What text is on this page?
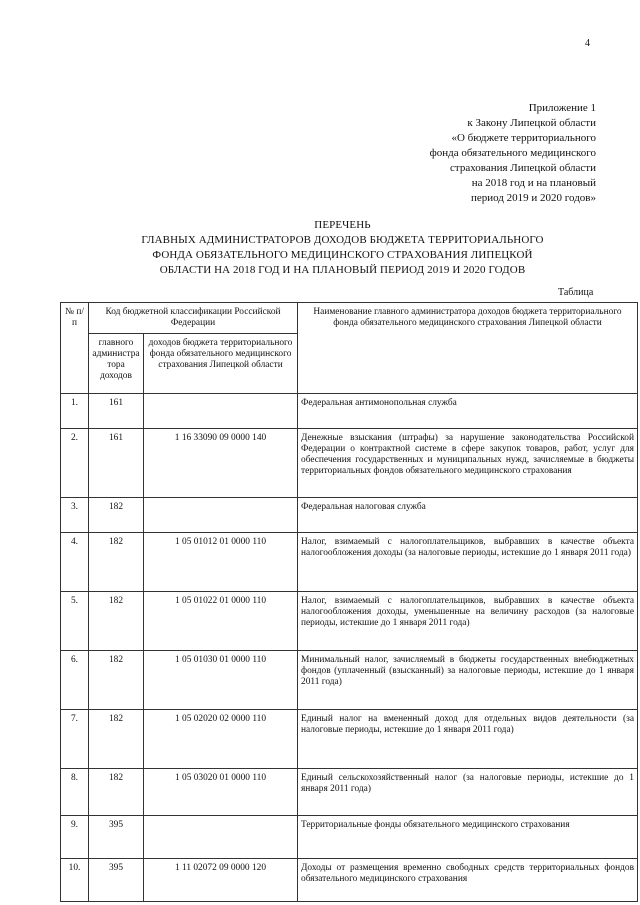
4
Приложение 1
к Закону Липецкой области
«О бюджете территориального
фонда обязательного медицинского
страхования Липецкой области
на 2018 год и на плановый
период 2019 и 2020 годов»
ПЕРЕЧЕНЬ
ГЛАВНЫХ АДМИНИСТРАТОРОВ ДОХОДОВ БЮДЖЕТА ТЕРРИТОРИАЛЬНОГО
ФОНДА ОБЯЗАТЕЛЬНОГО МЕДИЦИНСКОГО СТРАХОВАНИЯ ЛИПЕЦКОЙ
ОБЛАСТИ НА 2018 ГОД И НА ПЛАНОВЫЙ ПЕРИОД 2019 И 2020 ГОДОВ
Таблица
№ п/п	Код бюджетной классификации Российской Федерации		Наименование главного администратора доходов бюджета территориального фонда обязательного медицинского страхования Липецкой области
	главного администра тора доходов	доходов бюджета территориального фонда обязательного медицинского страхования Липецкой области	
1.	161		Федеральная антимонопольная служба
2.	161	1 16 33090 09 0000 140	Денежные взыскания (штрафы) за нарушение законодательства Российской Федерации о контрактной системе в сфере закупок товаров, работ, услуг для обеспечения государственных и муниципальных нужд, зачисляемые в бюджеты территориальных фондов обязательного медицинского страхования
3.	182		Федеральная налоговая служба
4.	182	1 05 01012 01 0000 110	Налог, взимаемый с налогоплательщиков, выбравших в качестве объекта налогообложения доходы (за налоговые периоды, истекшие до 1 января 2011 года)
5.	182	1 05 01022 01 0000 110	Налог, взимаемый с налогоплательщиков, выбравших в качестве объекта налогообложения доходы, уменьшенные на величину расходов (за налоговые периоды, истекшие до 1 января 2011 года)
6.	182	1 05 01030 01 0000 110	Минимальный налог, зачисляемый в бюджеты государственных внебюджетных фондов (уплаченный (взысканный) за налоговые периоды, истекшие до 1 января 2011 года)
7.	182	1 05 02020 02 0000 110	Единый налог на вмененный доход для отдельных видов деятельности (за налоговые периоды, истекшие до 1 января 2011 года)
8.	182	1 05 03020 01 0000 110	Единый сельскохозяйственный налог (за налоговые периоды, истекшие до 1 января 2011 года)
9.	395		Территориальные фонды обязательного медицинского страхования
10.	395	1 11 02072 09 0000 120	Доходы от размещения временно свободных средств территориальных фондов обязательного медицинского страхования
